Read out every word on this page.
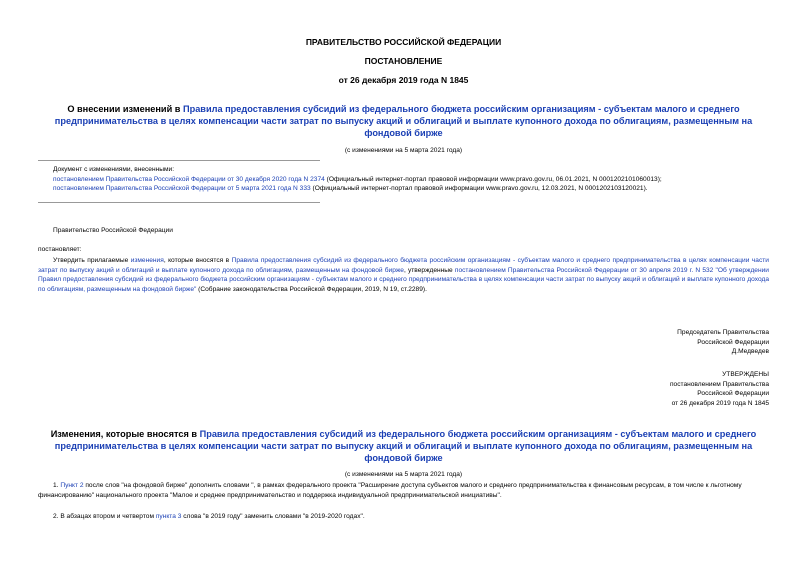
ПРАВИТЕЛЬСТВО РОССИЙСКОЙ ФЕДЕРАЦИИ
ПОСТАНОВЛЕНИЕ
от 26 декабря 2019 года N 1845
О внесении изменений в Правила предоставления субсидий из федерального бюджета российским организациям - субъектам малого и среднего предпринимательства в целях компенсации части затрат по выпуску акций и облигаций и выплате купонного дохода по облигациям, размещенным на фондовой бирже
(с изменениями на 5 марта 2021 года)

Документ с изменениями, внесенными:

постановлением Правительства Российской Федерации от 30 декабря 2020 года N 2374 (Официальный интернет-портал правовой информации www.pravo.gov.ru, 06.01.2021, N 0001202101060013);

постановлением Правительства Российской Федерации от 5 марта 2021 года N 333 (Официальный интернет-портал правовой информации www.pravo.gov.ru, 12.03.2021, N 0001202103120021).

Правительство Российской Федерации
постановляет:
Утвердить прилагаемые изменения, которые вносятся в Правила предоставления субсидий из федерального бюджета российским организациям - субъектам малого и среднего предпринимательства в целях компенсации части затрат по выпуску акций и облигаций и выплате купонного дохода по облигациям, размещенным на фондовой бирже, утвержденные постановлением Правительства Российской Федерации от 30 апреля 2019 г. N 532 "Об утверждении Правил предоставления субсидий из федерального бюджета российским организациям - субъектам малого и среднего предпринимательства в целях компенсации части затрат по выпуску акций и облигаций и выплате купонного дохода по облигациям, размещенным на фондовой бирже" (Собрание законодательства Российской Федерации, 2019, N 19, ст.2289).

Председатель Правительства

Российской Федерации

Д.Медведев

УТВЕРЖДЕНЫ

постановлением Правительства

Российской Федерации

от 26 декабря 2019 года N 1845

Изменения, которые вносятся в Правила предоставления субсидий из федерального бюджета российским организациям - субъектам малого и среднего предпринимательства в целях компенсации части затрат по выпуску акций и облигаций и выплате купонного дохода по облигациям, размещенным на фондовой бирже
(с изменениями на 5 марта 2021 года)
1. Пункт 2 после слов "на фондовой бирже" дополнить словами ", в рамках федерального проекта "Расширение доступа субъектов малого и среднего предпринимательства к финансовым ресурсам, в том числе к льготному финансированию" национального проекта "Малое и среднее предпринимательство и поддержка индивидуальной предпринимательской инициативы".
2. В абзацах втором и четвертом пункта 3 слова "в 2019 году" заменить словами "в 2019-2020 годах".
